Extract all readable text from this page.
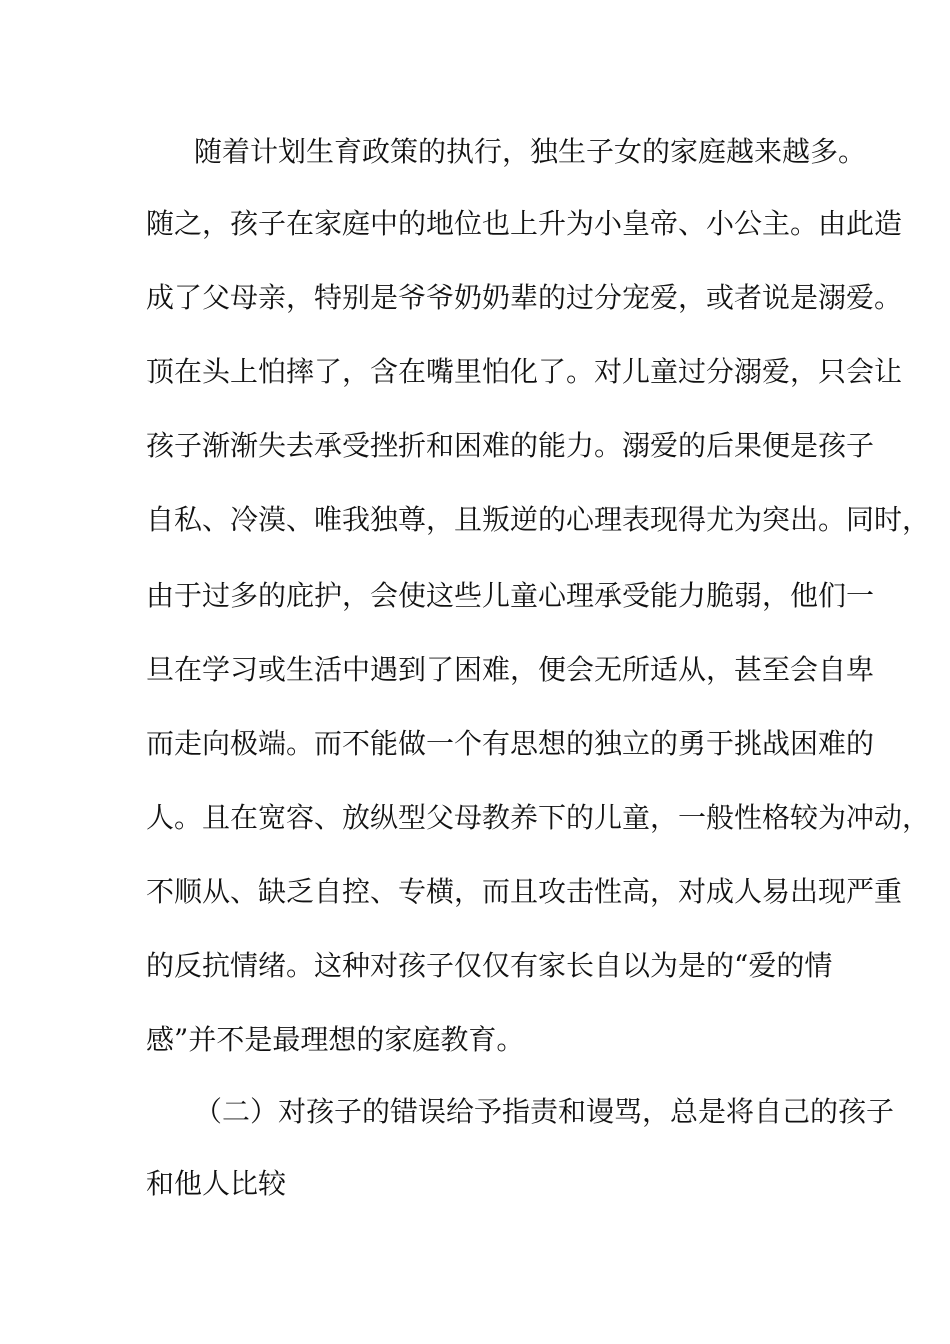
随着计划生育政策的执行，独生子女的家庭越来越多。
随之，孩子在家庭中的地位也上升为小皇帝、小公主。由此造
成了父母亲，特别是爷爷奶奶辈的过分宠爱，或者说是溺爱。
顶在头上怕摔了，含在嘴里怕化了。对儿童过分溺爱，只会让
孩子渐渐失去承受挫折和困难的能力。溺爱的后果便是孩子
自私、冷漠、唯我独尊，且叛逆的心理表现得尤为突出。同时，
由于过多的庇护，会使这些儿童心理承受能力脆弱，他们一
旦在学习或生活中遇到了困难，便会无所适从，甚至会自卑
而走向极端。而不能做一个有思想的独立的勇于挑战困难的
人。且在宽容、放纵型父母教养下的儿童，一般性格较为冲动，
不顺从、缺乏自控、专横，而且攻击性高，对成人易出现严重
的反抗情绪。这种对孩子仅仅有家长自以为是的“爱的情
感”并不是最理想的家庭教育。
（二）对孩子的错误给予指责和谩骂，总是将自己的孩子
和他人比较
